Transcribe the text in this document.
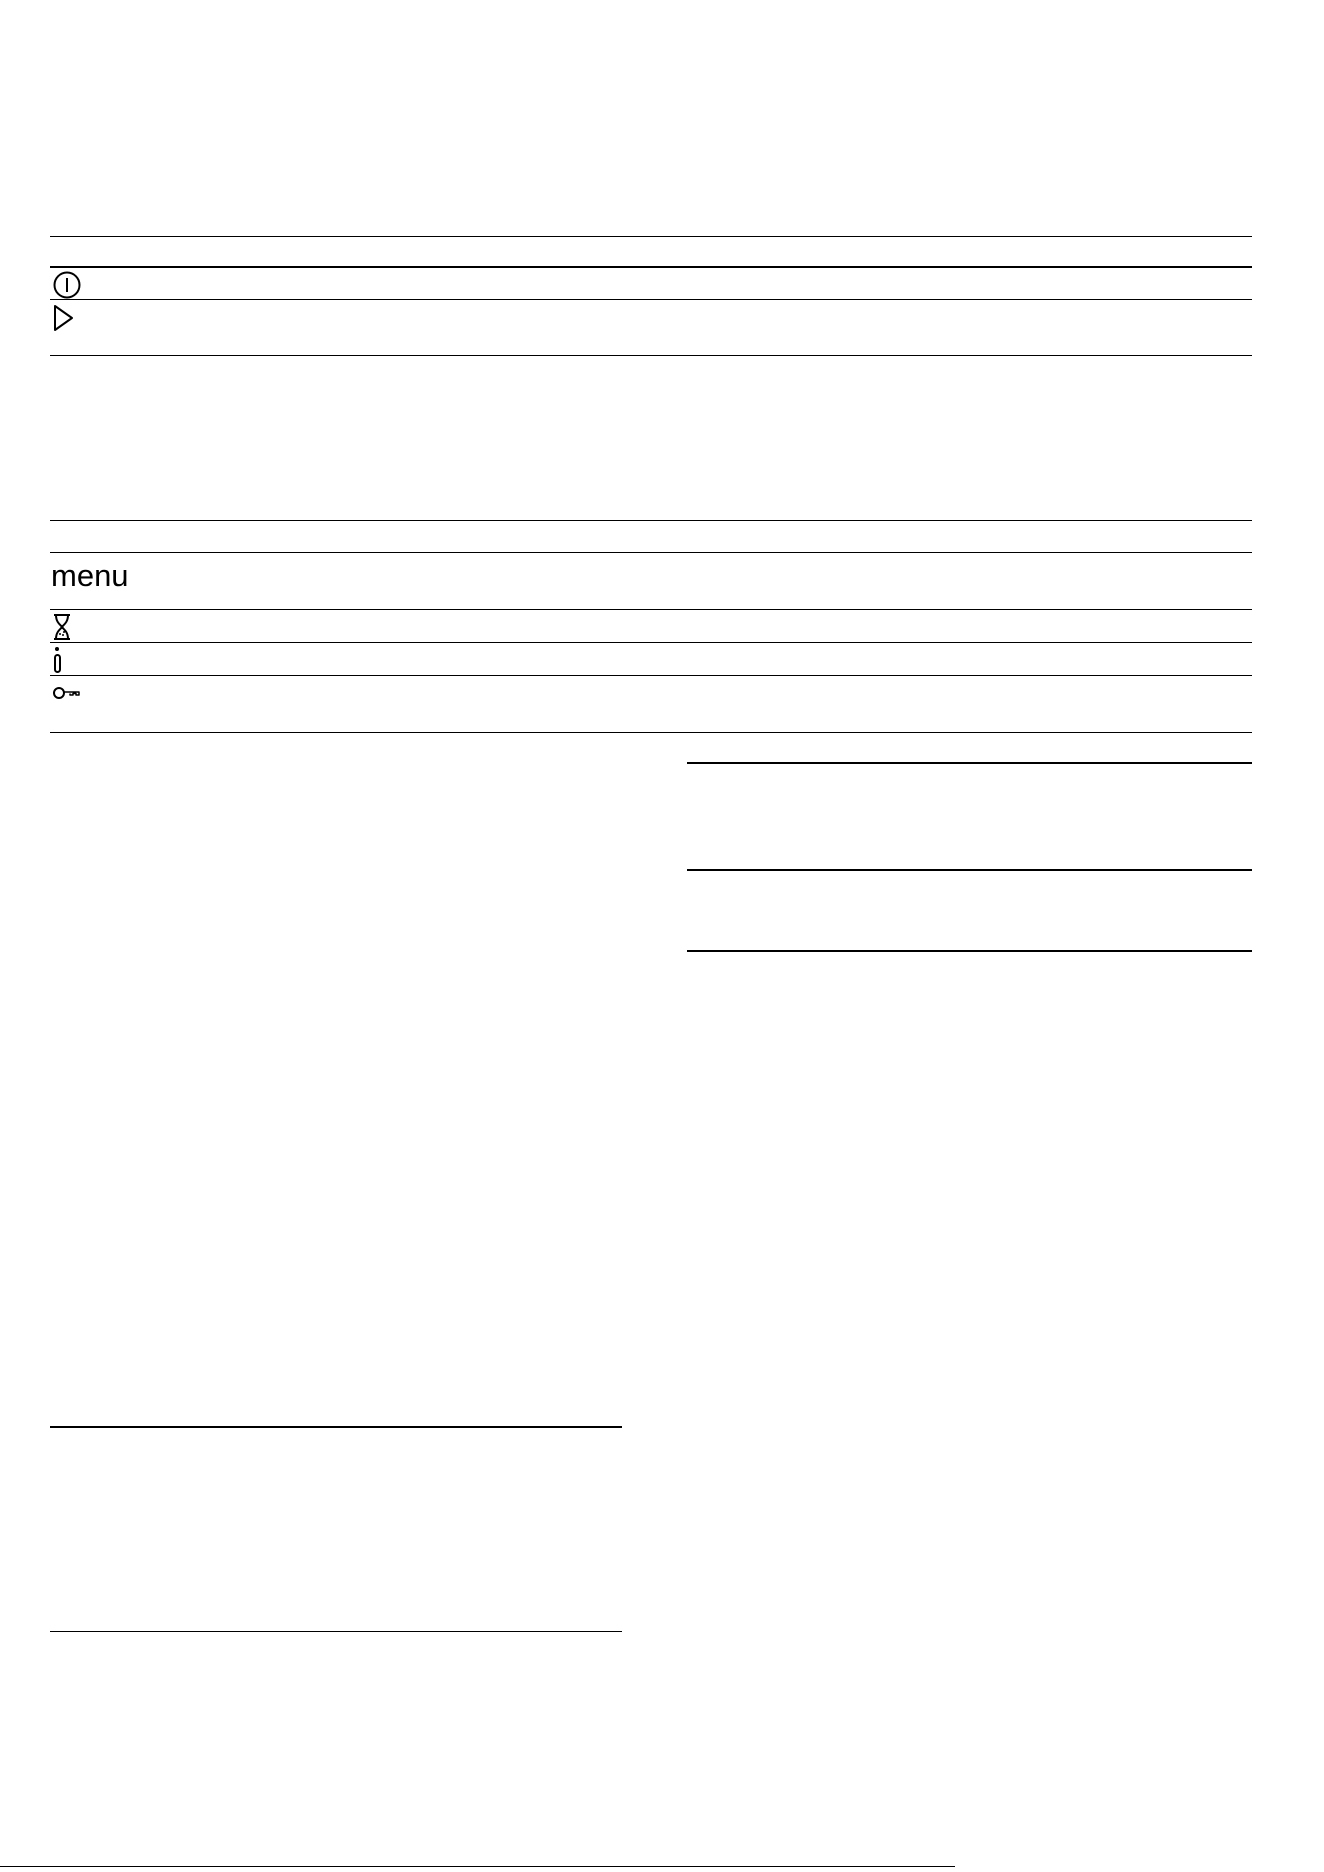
menu
